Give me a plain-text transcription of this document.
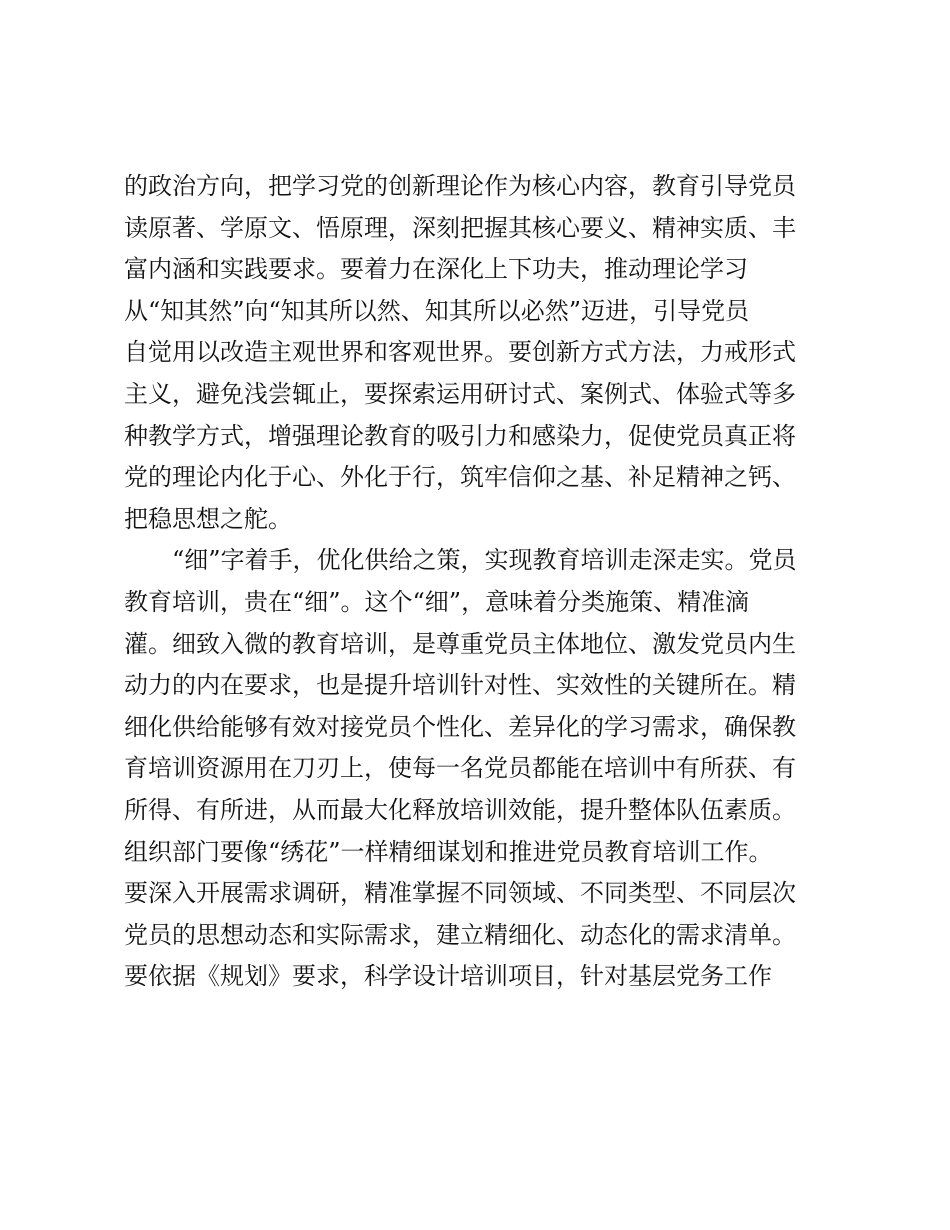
的政治方向，把学习党的创新理论作为核心内容，教育引导党员
读原著、学原文、悟原理，深刻把握其核心要义、精神实质、丰
富内涵和实践要求。要着力在深化上下功夫，推动理论学习
从“知其然”向“知其所以然、知其所以必然”迈进，引导党员
自觉用以改造主观世界和客观世界。要创新方式方法，力戒形式
主义，避免浅尝辄止，要探索运用研讨式、案例式、体验式等多
种教学方式，增强理论教育的吸引力和感染力，促使党员真正将
党的理论内化于心、外化于行，筑牢信仰之基、补足精神之钙、
把稳思想之舵。
“细”字着手，优化供给之策，实现教育培训走深走实。党员
教育培训，贵在“细”。这个“细”，意味着分类施策、精准滴
灌。细致入微的教育培训，是尊重党员主体地位、激发党员内生
动力的内在要求，也是提升培训针对性、实效性的关键所在。精
细化供给能够有效对接党员个性化、差异化的学习需求，确保教
育培训资源用在刀刃上，使每一名党员都能在培训中有所获、有
所得、有所进，从而最大化释放培训效能，提升整体队伍素质。
组织部门要像“绣花”一样精细谋划和推进党员教育培训工作。
要深入开展需求调研，精准掌握不同领域、不同类型、不同层次
党员的思想动态和实际需求，建立精细化、动态化的需求清单。
要依据《规划》要求，科学设计培训项目，针对基层党务工作
